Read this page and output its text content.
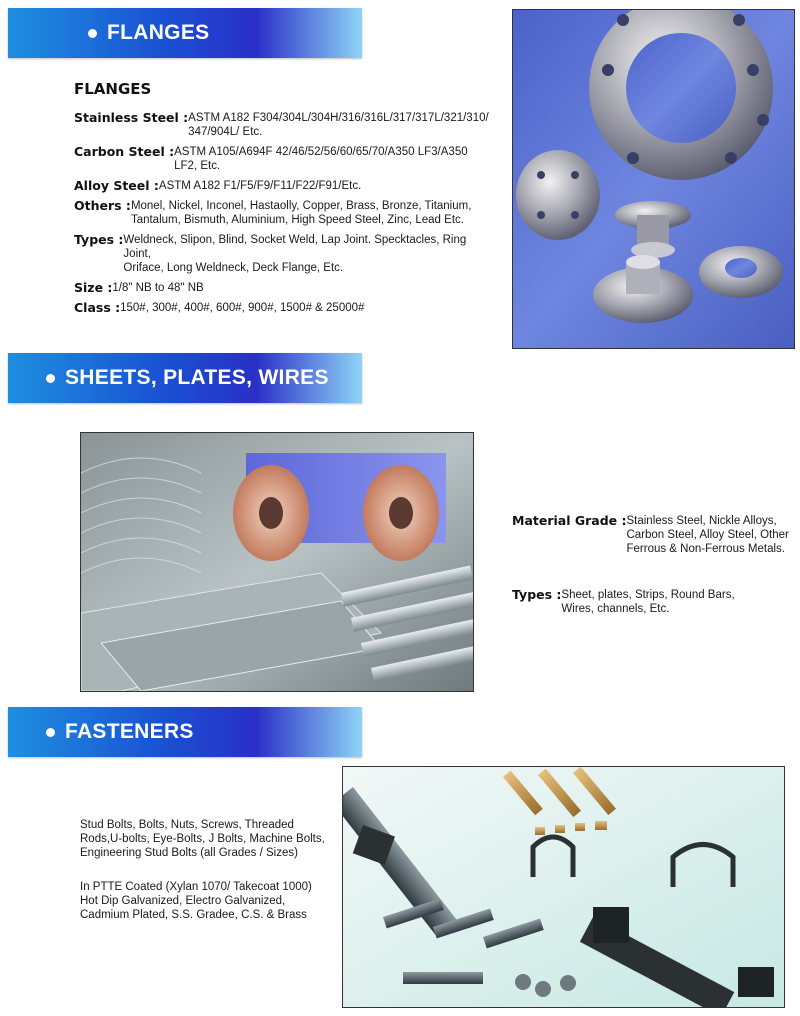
FLANGES
FLANGES
Stainless Steel : ASTM A182 F304/304L/304H/316/316L/317/317L/321/310/
347/904L/ Etc.
Carbon Steel : ASTM A105/A694F 42/46/52/56/60/65/70/A350 LF3/A350
LF2, Etc.
Alloy Steel : ASTM A182 F1/F5/F9/F11/F22/F91/Etc.
Others : Monel, Nickel, Inconel, Hastaolly, Copper, Brass, Bronze, Titanium,
Tantalum, Bismuth, Aluminium, High Speed Steel, Zinc, Lead Etc.
Types : Weldneck, Slipon, Blind, Socket Weld, Lap Joint. Specktacles, Ring Joint,
Oriface, Long Weldneck, Deck Flange, Etc.
Size : 1/8" NB to 48" NB
Class : 150#, 300#, 400#, 600#, 900#, 1500# & 25000#
SHEETS, PLATES, WIRES
Material Grade : Stainless Steel, Nickle Alloys,
Carbon Steel, Alloy Steel, Other
Ferrous & Non-Ferrous Metals.
Types : Sheet, plates, Strips, Round Bars,
Wires, channels, Etc.
FASTENERS
Stud Bolts, Bolts, Nuts, Screws, Threaded
Rods,U-bolts, Eye-Bolts, J Bolts, Machine Bolts,
Engineering Stud Bolts (all Grades / Sizes)
In PTTE Coated (Xylan 1070/ Takecoat 1000)
Hot Dip Galvanized, Electro Galvanized,
Cadmium Plated, S.S. Gradee, C.S. & Brass
